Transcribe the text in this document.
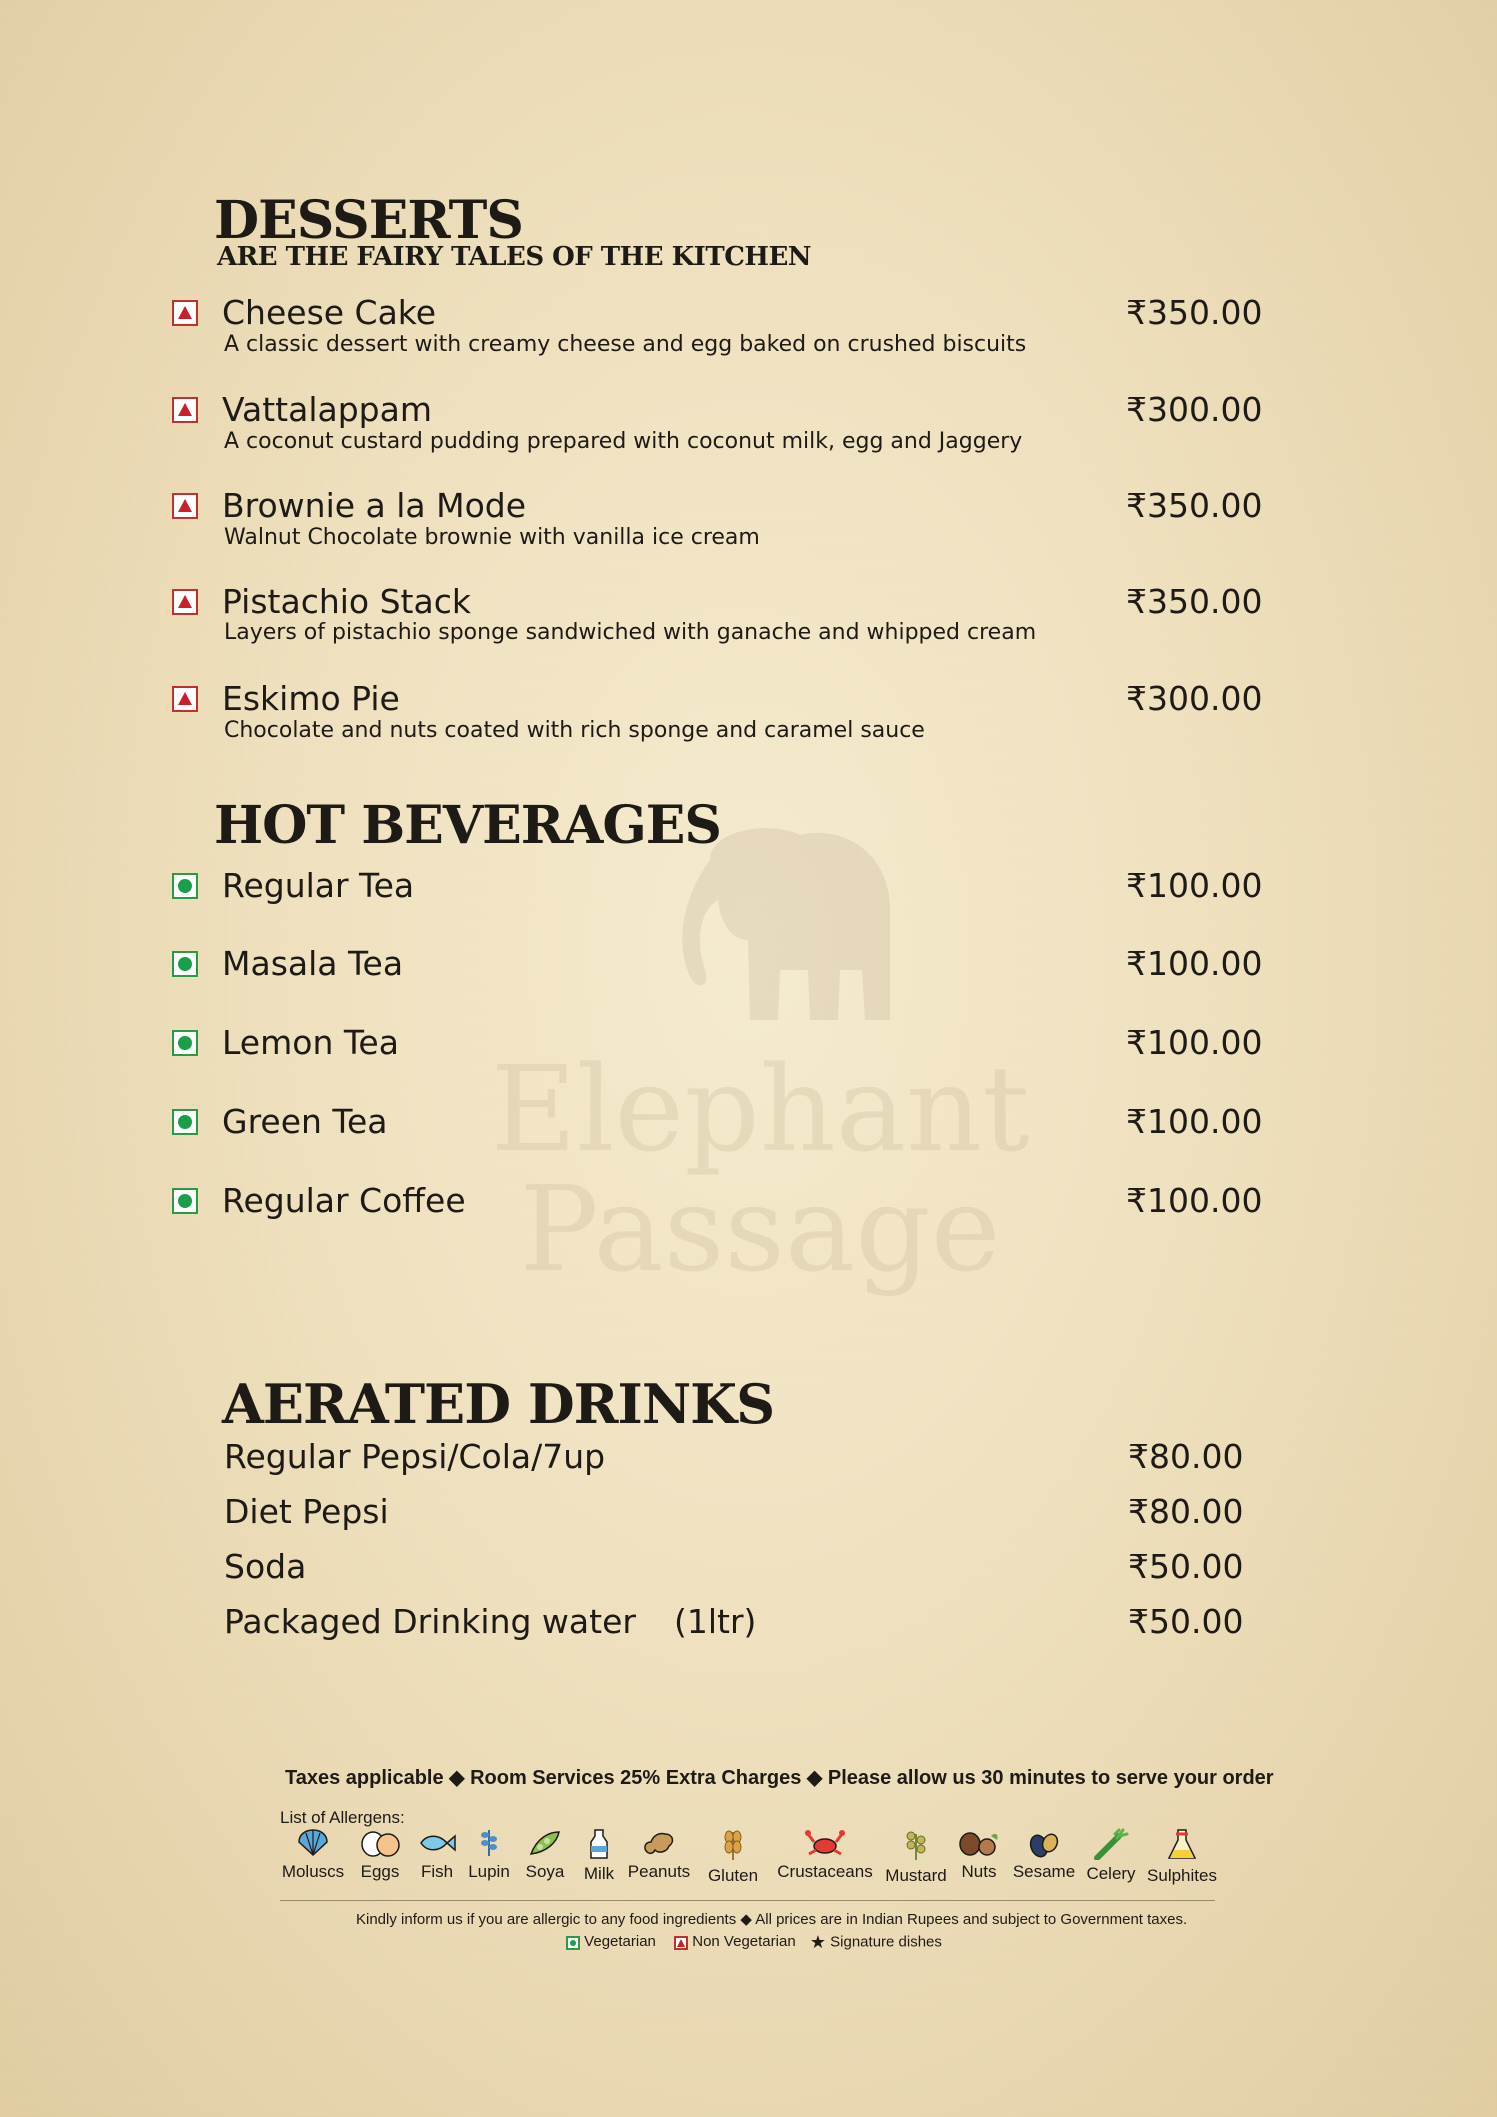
Elephant
Passage
DESSERTS
ARE THE FAIRY TALES OF THE KITCHEN
Cheese Cake
A classic dessert with creamy cheese and egg baked on crushed biscuits
₹350.00
Vattalappam
A coconut custard pudding prepared with coconut milk, egg and Jaggery
₹300.00
Brownie a la Mode
Walnut Chocolate brownie with vanilla ice cream
₹350.00
Pistachio Stack
Layers of pistachio sponge sandwiched with ganache and whipped cream
₹350.00
Eskimo Pie
Chocolate and nuts coated with rich sponge and caramel sauce
₹300.00
HOT BEVERAGES
Regular Tea	₹100.00
Masala Tea	₹100.00
Lemon Tea	₹100.00
Green Tea	₹100.00
Regular Coffee	₹100.00
AERATED DRINKS
Regular Pepsi/Cola/7up	₹80.00
Diet Pepsi	₹80.00
Soda	₹50.00
Packaged Drinking water (1ltr)	₹50.00
Taxes applicable ◆ Room Services 25% Extra Charges ◆ Please allow us 30 minutes to serve your order
List of Allergens:
Moluscs Eggs	Fish Lupin Soya	Milk Peanuts	Gluten	Crustaceans Mustard Nuts Sesame Celery Sulphites
Kindly inform us if you are allergic to any food ingredients ◆ All prices are in Indian Rupees and subject to Government taxes.
Vegetarian Non Vegetarian ★ Signature dishes
